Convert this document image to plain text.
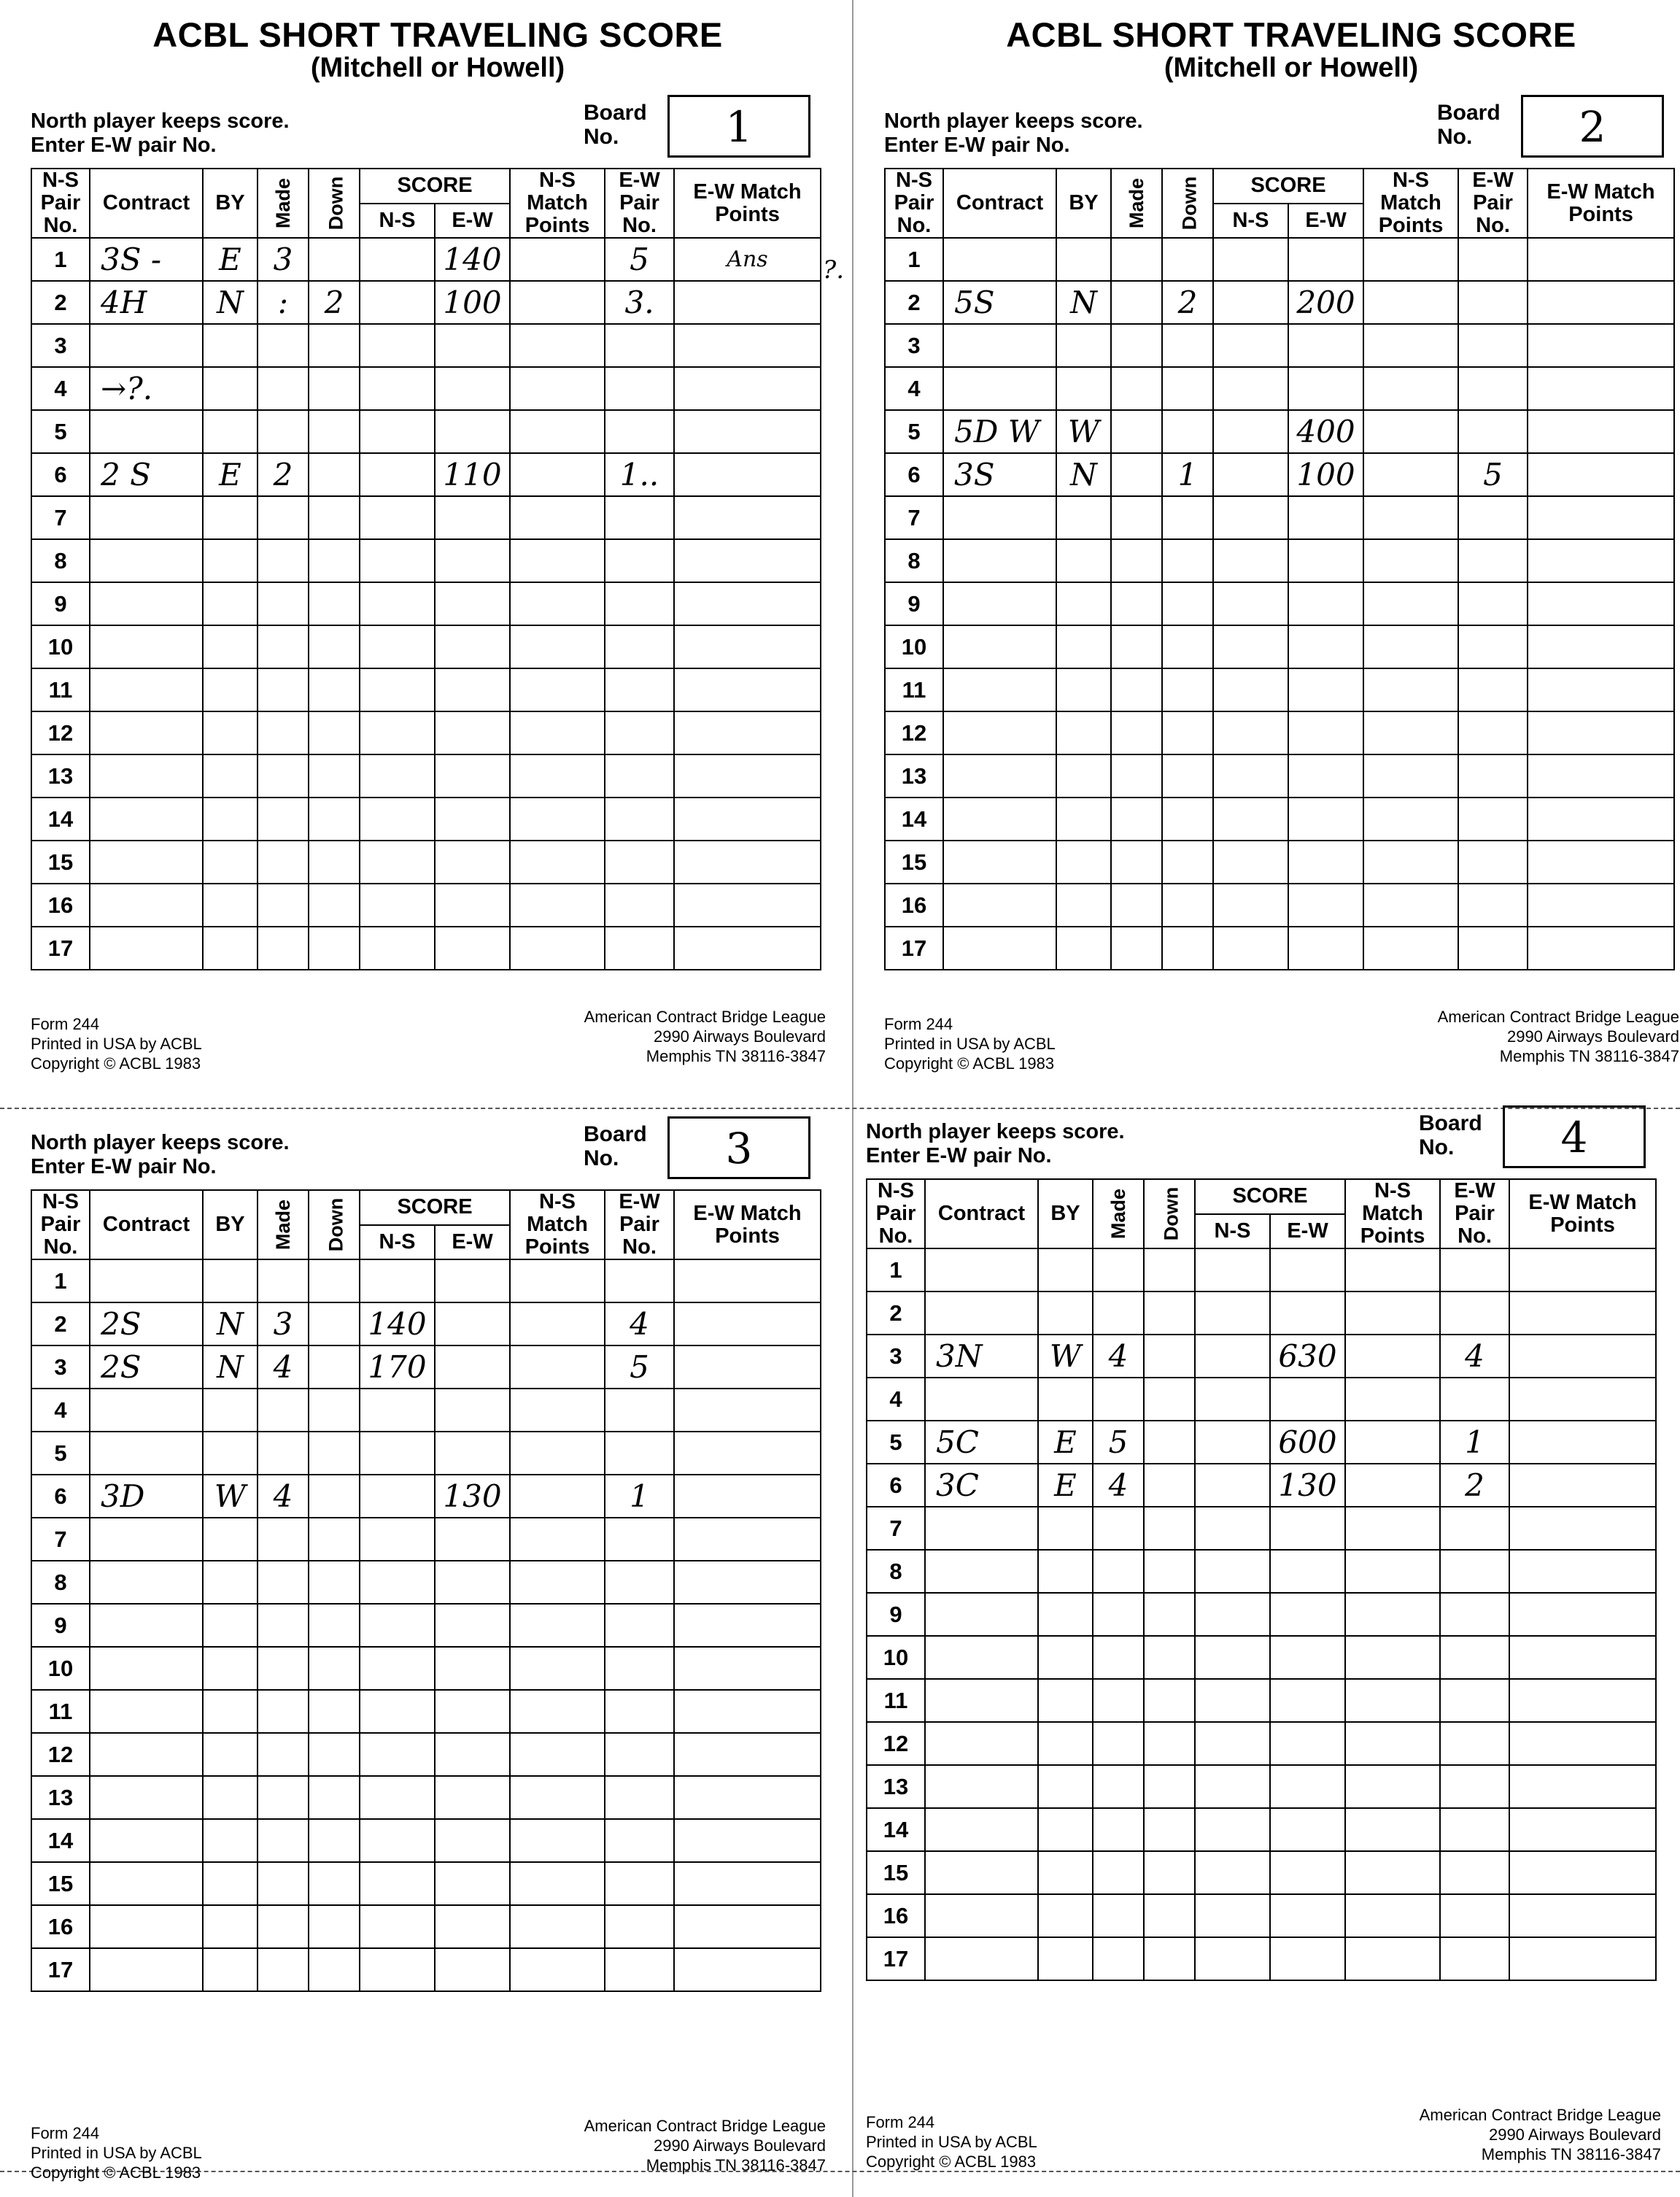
ACBL SHORT TRAVELING SCORE
(Mitchell or Howell)
North player keeps score.
Enter E-W pair No.
Board
No.	1
N-S Pair No.	Contract	BY	Made	Down	SCORE		N-S Match Points	E-W Pair No.	E-W Match Points
					N-S	E-W			
1	3S -	E	3			140		5	Ans
2	4H	N	:	2		100		3.	
3									
4	→?.								
5									
6	2 S	E	2			110		1..	
7									
8									
9									
10									
11									
12									
13									
14									
15									
16									
17									
Form 244
Printed in USA by ACBL
Copyright © ACBL 1983
American Contract Bridge League
2990 Airways Boulevard
Memphis TN 38116-3847
ACBL SHORT TRAVELING SCORE
(Mitchell or Howell)
North player keeps score.
Enter E-W pair No.
Board
No.	2
N-S Pair No.	Contract	BY	Made	Down	SCORE		N-S Match Points	E-W Pair No.	E-W Match Points
					N-S	E-W			
1									
2	5S	N		2		200			
3									
4									
5	5D W	W				400			
6	3S	N		1		100		5	
7									
8									
9									
10									
11									
12									
13									
14									
15									
16									
17									
Form 244
Printed in USA by ACBL
Copyright © ACBL 1983
American Contract Bridge League
2990 Airways Boulevard
Memphis TN 38116-3847
North player keeps score.
Enter E-W pair No.
Board
No.	3
N-S Pair No.	Contract	BY	Made	Down	SCORE		N-S Match Points	E-W Pair No.	E-W Match Points
					N-S	E-W			
1									
2	2S	N	3		140			4	
3	2S	N	4		170			5	
4									
5									
6	3D	W	4			130		1	
7									
8									
9									
10									
11									
12									
13									
14									
15									
16									
17									
Form 244
Printed in USA by ACBL
Copyright © ACBL 1983
American Contract Bridge League
2990 Airways Boulevard
Memphis TN 38116-3847
North player keeps score.
Enter E-W pair No.
Board
No.	4
N-S Pair No.	Contract	BY	Made	Down	SCORE		N-S Match Points	E-W Pair No.	E-W Match Points
					N-S	E-W			
1									
2									
3	3N	W	4			630		4	
4									
5	5C	E	5			600		1	
6	3C	E	4			130		2	
7									
8									
9									
10									
11									
12									
13									
14									
15									
16									
17									
Form 244
Printed in USA by ACBL
Copyright © ACBL 1983
American Contract Bridge League
2990 Airways Boulevard
Memphis TN 38116-3847
?.
